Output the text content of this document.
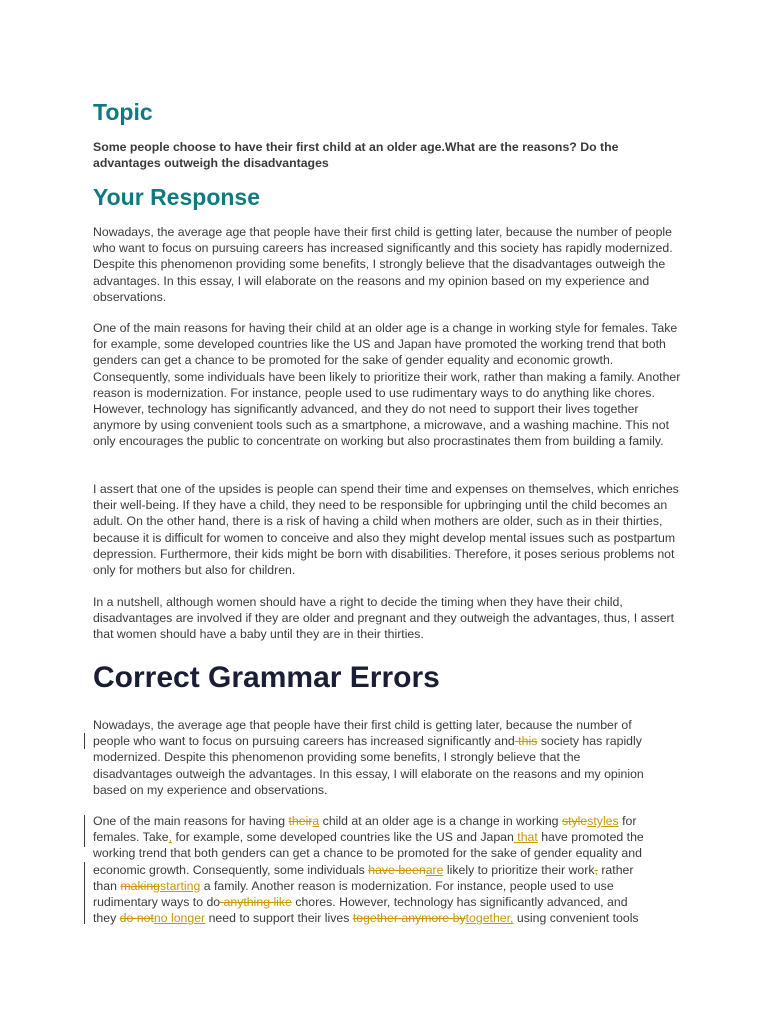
Topic

Some people choose to have their first child at an older age.What are the reasons? Do the advantages outweigh the disadvantages

Your Response

Nowadays, the average age that people have their first child is getting later, because the number of people who want to focus on pursuing careers has increased significantly and this society has rapidly modernized. Despite this phenomenon providing some benefits, I strongly believe that the disadvantages outweigh the advantages. In this essay, I will elaborate on the reasons and my opinion based on my experience and observations.

One of the main reasons for having their child at an older age is a change in working style for females. Take for example, some developed countries like the US and Japan have promoted the working trend that both genders can get a chance to be promoted for the sake of gender equality and economic growth. Consequently, some individuals have been likely to prioritize their work, rather than making a family. Another reason is modernization. For instance, people used to use rudimentary ways to do anything like chores. However, technology has significantly advanced, and they do not need to support their lives together anymore by using convenient tools such as a smartphone, a microwave, and a washing machine. This not only encourages the public to concentrate on working but also procrastinates them from building a family.

I assert that one of the upsides is people can spend their time and expenses on themselves, which enriches their well-being. If they have a child, they need to be responsible for upbringing until the child becomes an adult. On the other hand, there is a risk of having a child when mothers are older, such as in their thirties, because it is difficult for women to conceive and also they might develop mental issues such as postpartum depression. Furthermore, their kids might be born with disabilities. Therefore, it poses serious problems not only for mothers but also for children.

In a nutshell, although women should have a right to decide the timing when they have their child, disadvantages are involved if they are older and pregnant and they outweigh the advantages, thus, I assert that women should have a baby until they are in their thirties.

Correct Grammar Errors
Nowadays, the average age that people have their first child is getting later, because the number of
people who want to focus on pursuing careers has increased significantly and this society has rapidly
modernized. Despite this phenomenon providing some benefits, I strongly believe that the
disadvantages outweigh the advantages. In this essay, I will elaborate on the reasons and my opinion
based on my experience and observations.
One of the main reasons for having theira child at an older age is a change in working stylestyles for
females. Take, for example, some developed countries like the US and Japan that have promoted the
working trend that both genders can get a chance to be promoted for the sake of gender equality and
economic growth. Consequently, some individuals have beenare likely to prioritize their work, rather
than makingstarting a family. Another reason is modernization. For instance, people used to use
rudimentary ways to do anything like chores. However, technology has significantly advanced, and
they do notno longer need to support their lives together anymore bytogether, using convenient tools
